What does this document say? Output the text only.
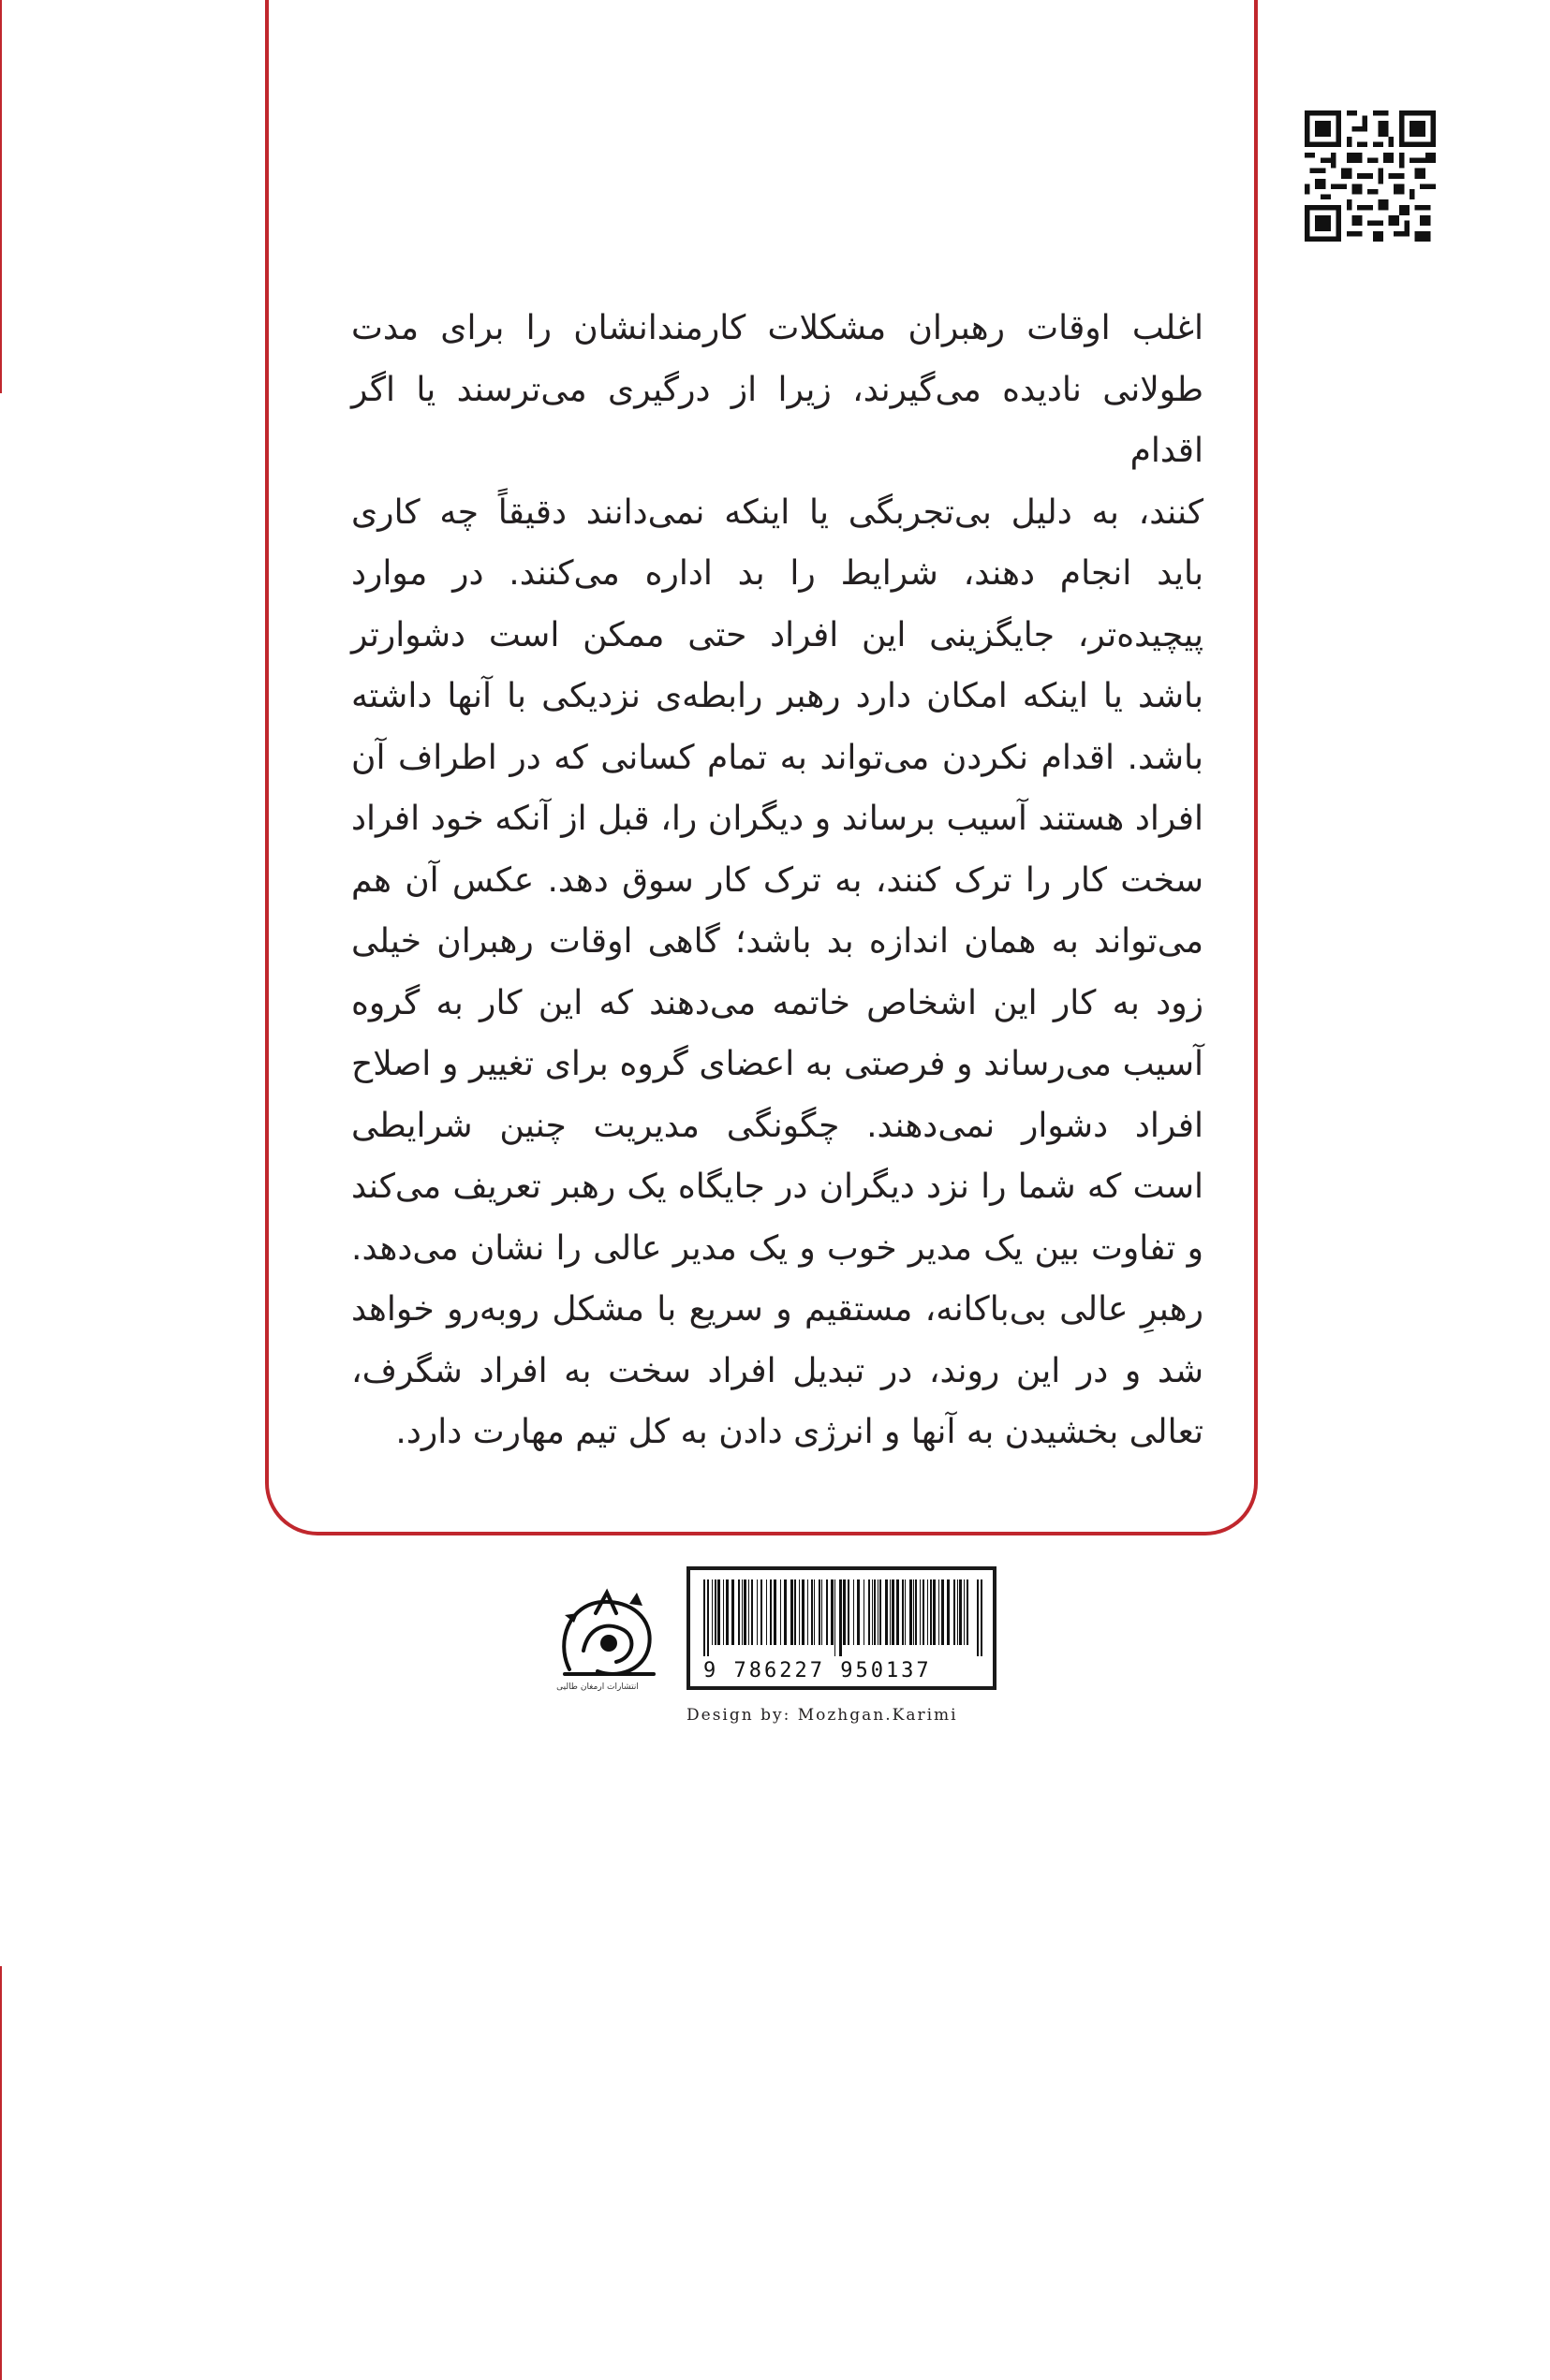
اغلب اوقات رهبران مشکلات کارمندانشان را برای مدت
طولانی نادیده می‌گیرند، زیرا از درگیری می‌ترسند یا اگر اقدام
کنند، به دلیل بی‌تجربگی یا اینکه نمی‌دانند دقیقاً چه کاری
باید انجام دهند، شرایط را بد اداره می‌کنند. در موارد
پیچیده‌تر، جایگزینی این افراد حتی ممکن است دشوارتر
باشد یا اینکه امکان دارد رهبر رابطه‌ی نزدیکی با آنها داشته
باشد. اقدام نکردن می‌تواند به تمام کسانی که در اطراف آن
افراد هستند آسیب برساند و دیگران را، قبل از آنکه خود افراد
سخت کار را ترک کنند، به ترک کار سوق دهد. عکس آن هم
می‌تواند به همان اندازه بد باشد؛ گاهی اوقات رهبران خیلی
زود به کار این اشخاص خاتمه می‌دهند که این کار به گروه
آسیب می‌رساند و فرصتی به اعضای گروه برای تغییر و اصلاح
افراد دشوار نمی‌دهند. چگونگی مدیریت چنین شرایطی
است که شما را نزد دیگران در جایگاه یک رهبر تعریف می‌کند
و تفاوت بین یک مدیر خوب و یک مدیر عالی را نشان می‌دهد.
رهبرِ عالی بی‌باکانه، مستقیم و سریع با مشکل روبه‌رو خواهد
شد و در این روند، در تبدیل افراد سخت به افراد شگرف،
تعالی بخشیدن به آنها و انرژی دادن به کل تیم مهارت دارد.
انتشارات ارمغان طالیی
9 786227 950137
Design by: Mozhgan.Karimi
